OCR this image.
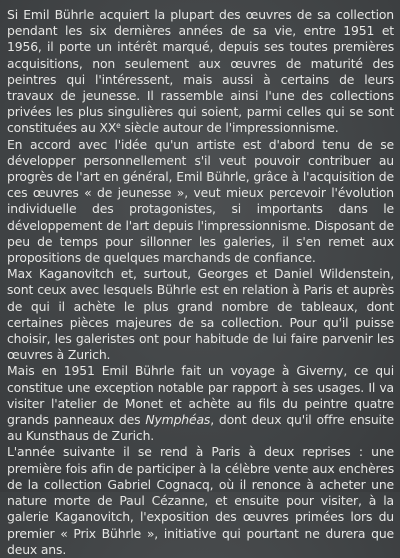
Si Emil Bührle acquiert la plupart des œuvres de sa collection pendant les six dernières années de sa vie, entre 1951 et 1956, il porte un intérêt marqué, depuis ses toutes premières acquisitions, non seulement aux œuvres de maturité des peintres qui l'intéressent, mais aussi à certains de leurs travaux de jeunesse. Il rassemble ainsi l'une des collections privées les plus singulières qui soient, parmi celles qui se sont constituées au XXe siècle autour de l'impressionnisme.

En accord avec l'idée qu'un artiste est d'abord tenu de se développer personnellement s'il veut pouvoir contribuer au progrès de l'art en général, Emil Bührle, grâce à l'acquisition de ces œuvres « de jeunesse », veut mieux percevoir l'évolution individuelle des protagonistes, si importants dans le développement de l'art depuis l'impressionnisme. Disposant de peu de temps pour sillonner les galeries, il s'en remet aux propositions de quelques marchands de confiance.

Max Kaganovitch et, surtout, Georges et Daniel Wildenstein, sont ceux avec lesquels Bührle est en relation à Paris et auprès de qui il achète le plus grand nombre de tableaux, dont certaines pièces majeures de sa collection. Pour qu'il puisse choisir, les galeristes ont pour habitude de lui faire parvenir les œuvres à Zurich.

Mais en 1951 Emil Bührle fait un voyage à Giverny, ce qui constitue une exception notable par rapport à ses usages. Il va visiter l'atelier de Monet et achète au fils du peintre quatre grands panneaux des Nymphéas, dont deux qu'il offre ensuite au Kunsthaus de Zurich.

L'année suivante il se rend à Paris à deux reprises : une première fois afin de participer à la célèbre vente aux enchères de la collection Gabriel Cognacq, où il renonce à acheter une nature morte de Paul Cézanne, et ensuite pour visiter, à la galerie Kaganovitch, l'exposition des œuvres primées lors du premier « Prix Bührle », initiative qui pourtant ne durera que deux ans.
